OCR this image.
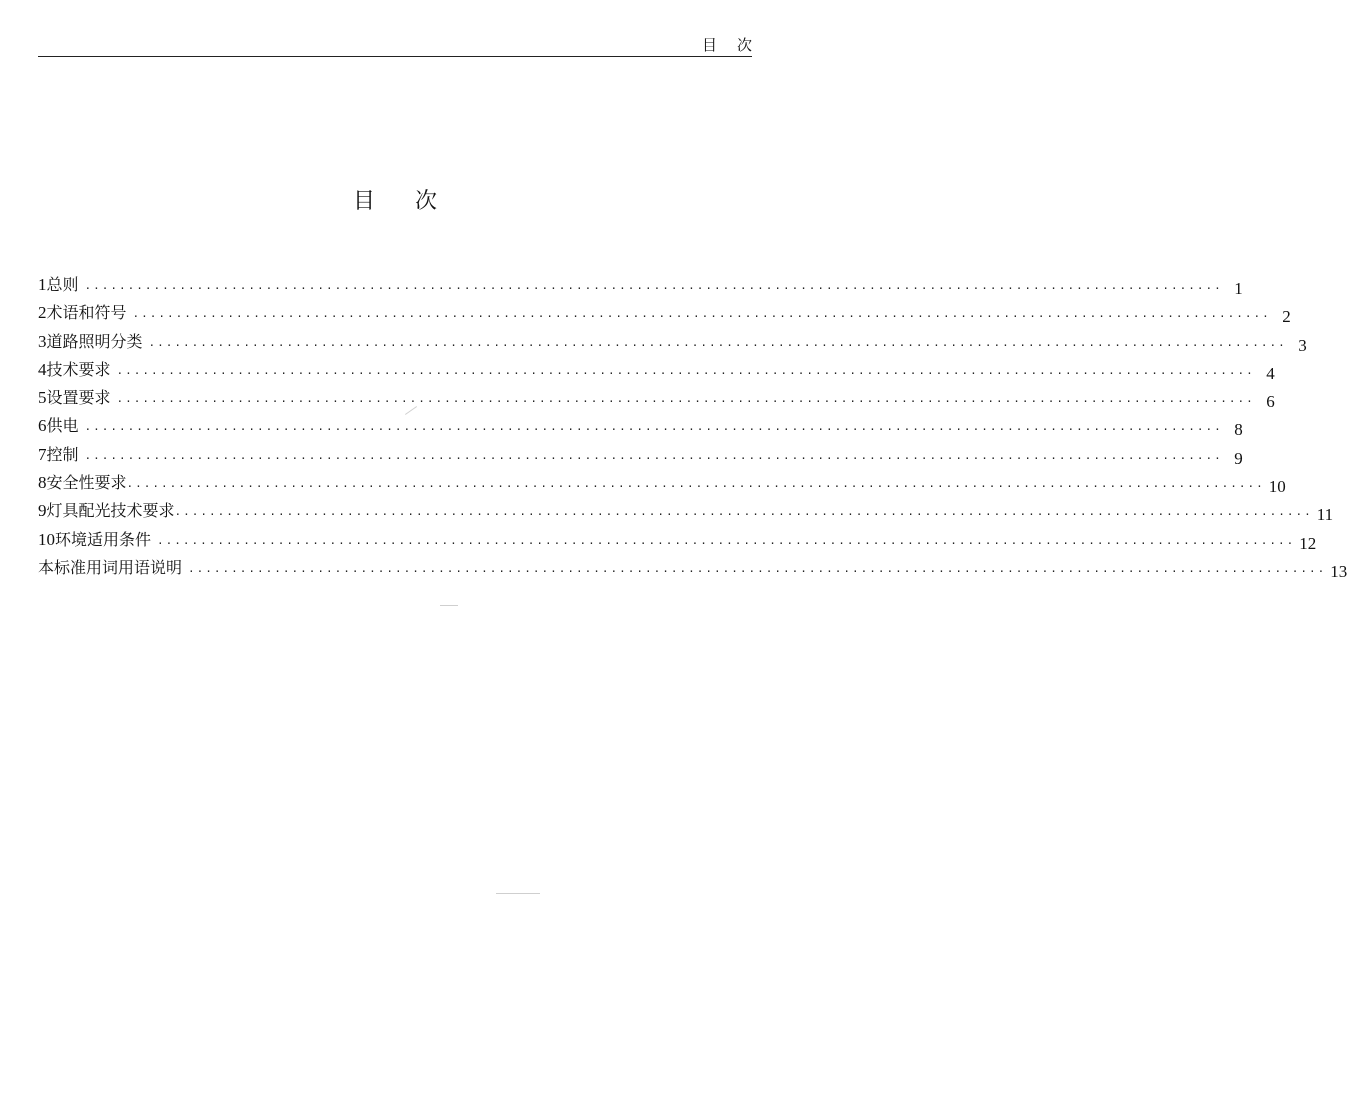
目次
目次
1 总则 ···································································································································· 1
2 术语和符号 ···································································································································· 2
3 道路照明分类 ···································································································································· 3
4 技术要求 ···································································································································· 4
5 设置要求 ···································································································································· 6
6 供电 ···································································································································· 8
7 控制 ···································································································································· 9
8 安全性要求 ···································································································································· 10
9 灯具配光技术要求 ···································································································································· 11
10 环境适用条件 ···································································································································· 12
本标准用词用语说明 ···································································································································· 13
